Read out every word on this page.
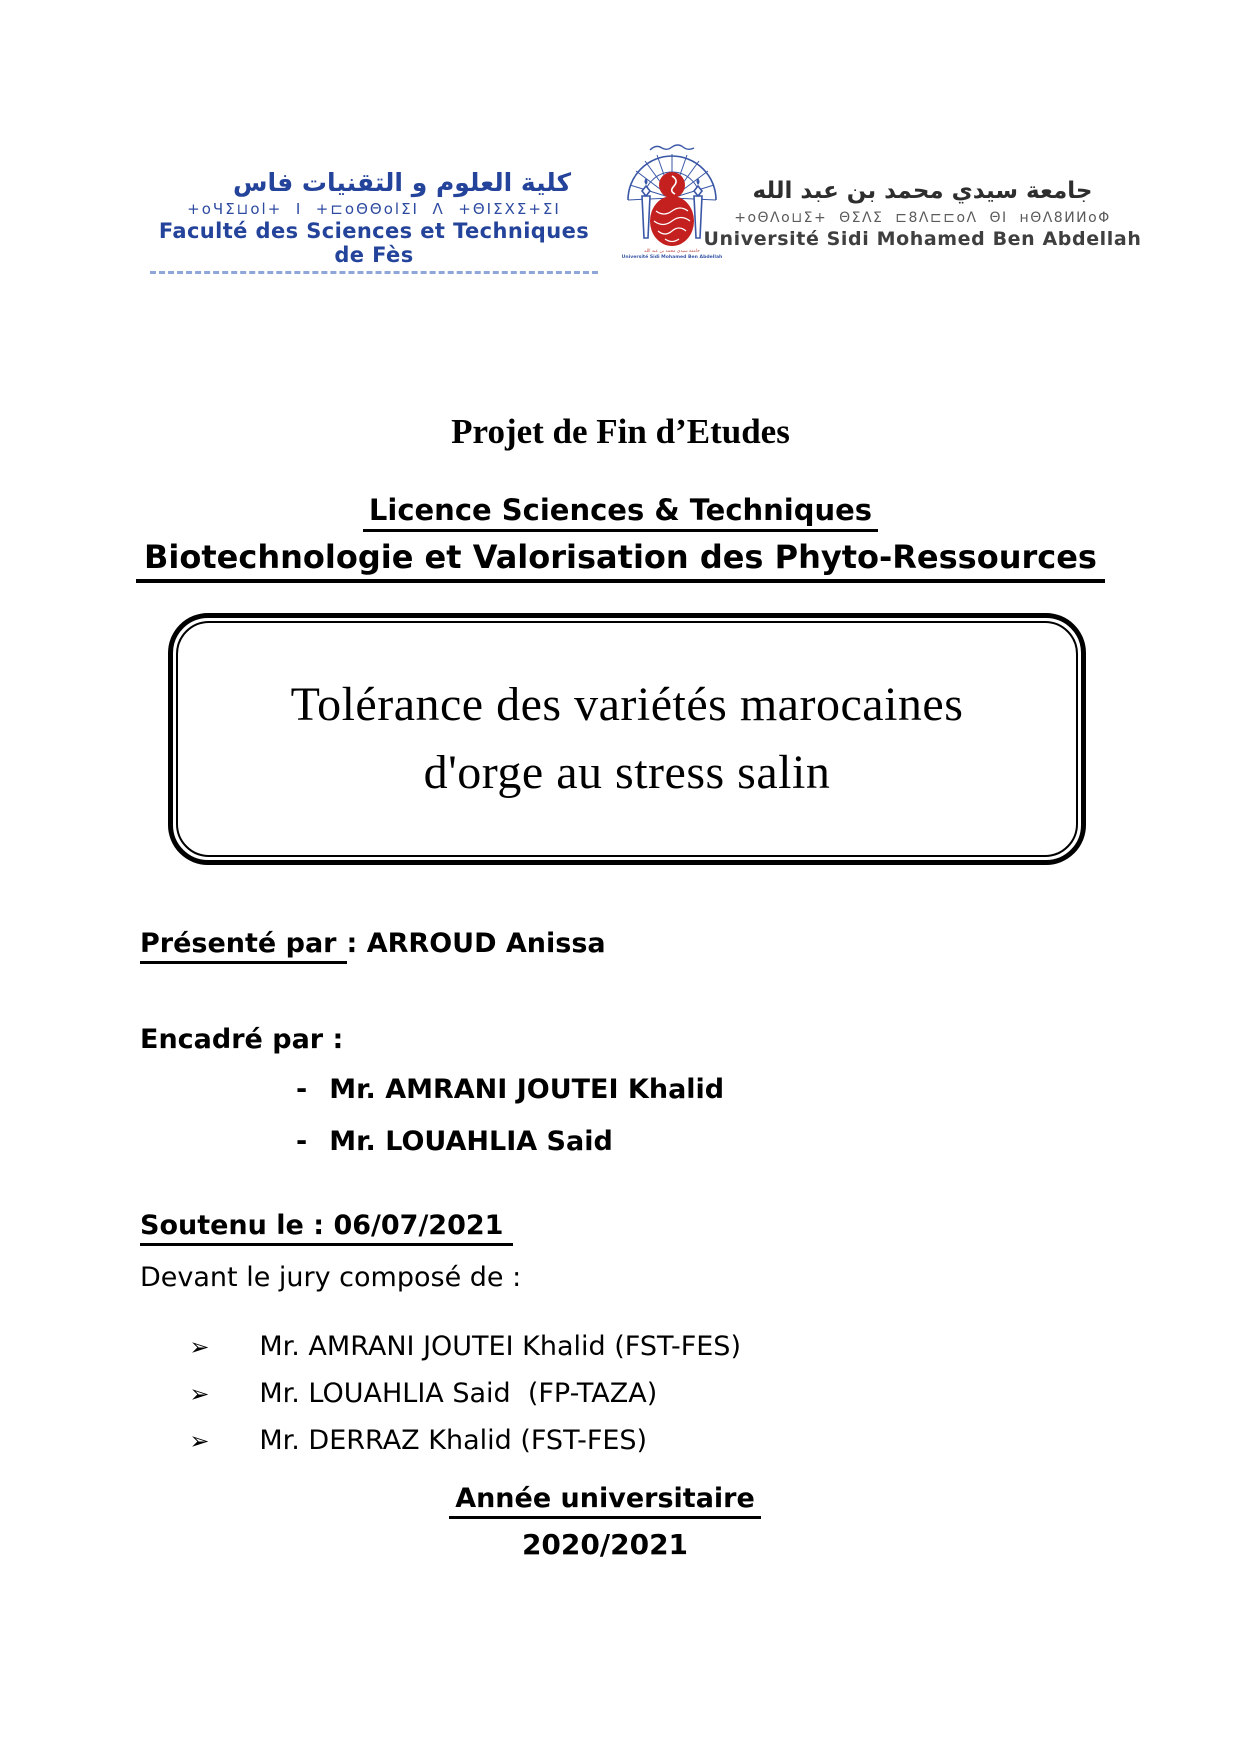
كلية العلوم و التقنيات فاس
+oЧΣ⊔ol+  I  +⊏oΘΘolΣI  Λ  +ΘIΣΧΣ+ΣI
Faculté des Sciences et Techniques de Fès	جامعة سيدي محمد بن عبد الله
Université Sidi Mohamed Ben Abdellah
جامعة سيدي محمد بن عبد الله
+oΘΛo⊔Σ+  ΘΣΛΣ  ⊏8Λ⊏⊏oΛ  ΘI  ʜΘΛ8ИИoΦ
Université Sidi Mohamed Ben Abdellah
Projet de Fin d’Etudes
Licence Sciences & Techniques
Biotechnologie et Valorisation des Phyto-Ressources
Tolérance des variétés marocaines
d'orge au stress salin
Présenté par: ARROUD Anissa
Encadré par :
- Mr. AMRANI JOUTEI Khalid
- Mr. LOUAHLIA Said
Soutenu le : 06/07/2021
Devant le jury composé de :

➢ Mr. AMRANI JOUTEI Khalid (FST-FES)

➢ Mr. LOUAHLIA Said  (FP-TAZA)

➢ Mr. DERRAZ Khalid (FST-FES)

Année universitaire
2020/2021
